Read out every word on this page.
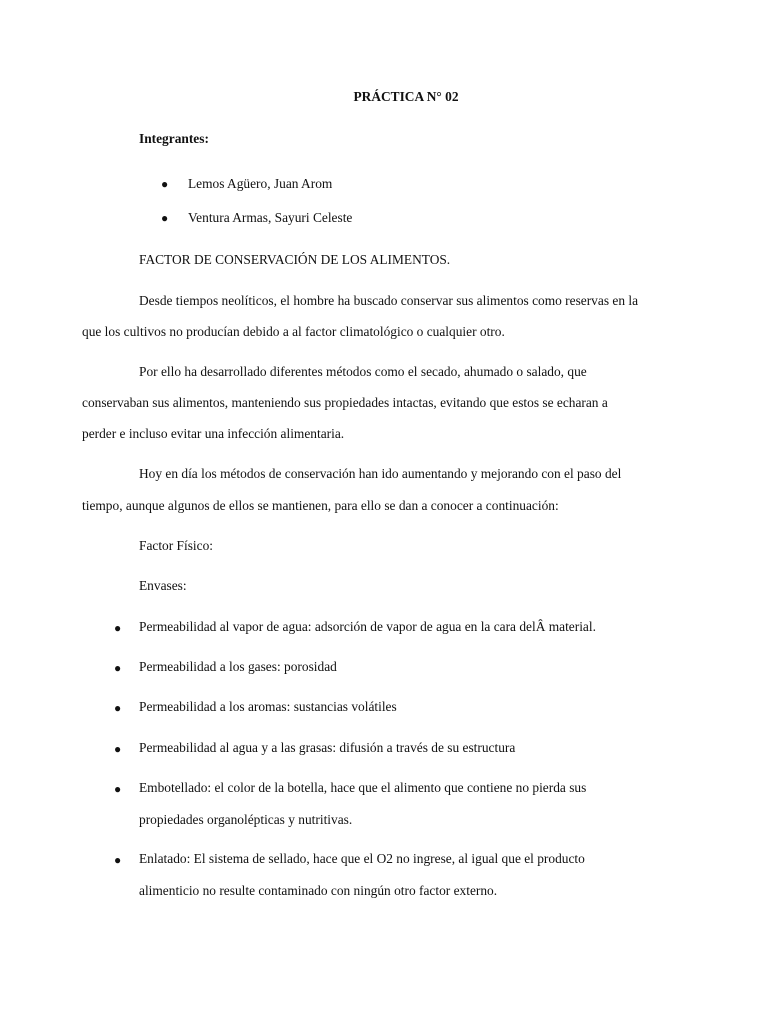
PRÁCTICA N° 02
Integrantes:
● Lemos Agüero, Juan Arom
● Ventura Armas, Sayuri Celeste
FACTOR DE CONSERVACIÓN DE LOS ALIMENTOS.
Desde tiempos neolíticos, el hombre ha buscado conservar sus alimentos como reservas en la
que los cultivos no producían debido a al factor climatológico o cualquier otro.
Por ello ha desarrollado diferentes métodos como el secado, ahumado o salado, que
conservaban sus alimentos, manteniendo sus propiedades intactas, evitando que estos se echaran a
perder e incluso evitar una infección alimentaria.
Hoy en día los métodos de conservación han ido aumentando y mejorando con el paso del
tiempo, aunque algunos de ellos se mantienen, para ello se dan a conocer a continuación:
Factor Físico:
Envases:
● Permeabilidad al vapor de agua: adsorción de vapor de agua en la cara delÂ material.
● Permeabilidad a los gases: porosidad
● Permeabilidad a los aromas: sustancias volátiles
● Permeabilidad al agua y a las grasas: difusión a través de su estructura
● Embotellado: el color de la botella, hace que el alimento que contiene no pierda sus
propiedades organolépticas y nutritivas.
● Enlatado: El sistema de sellado, hace que el O2 no ingrese, al igual que el producto
alimenticio no resulte contaminado con ningún otro factor externo.
